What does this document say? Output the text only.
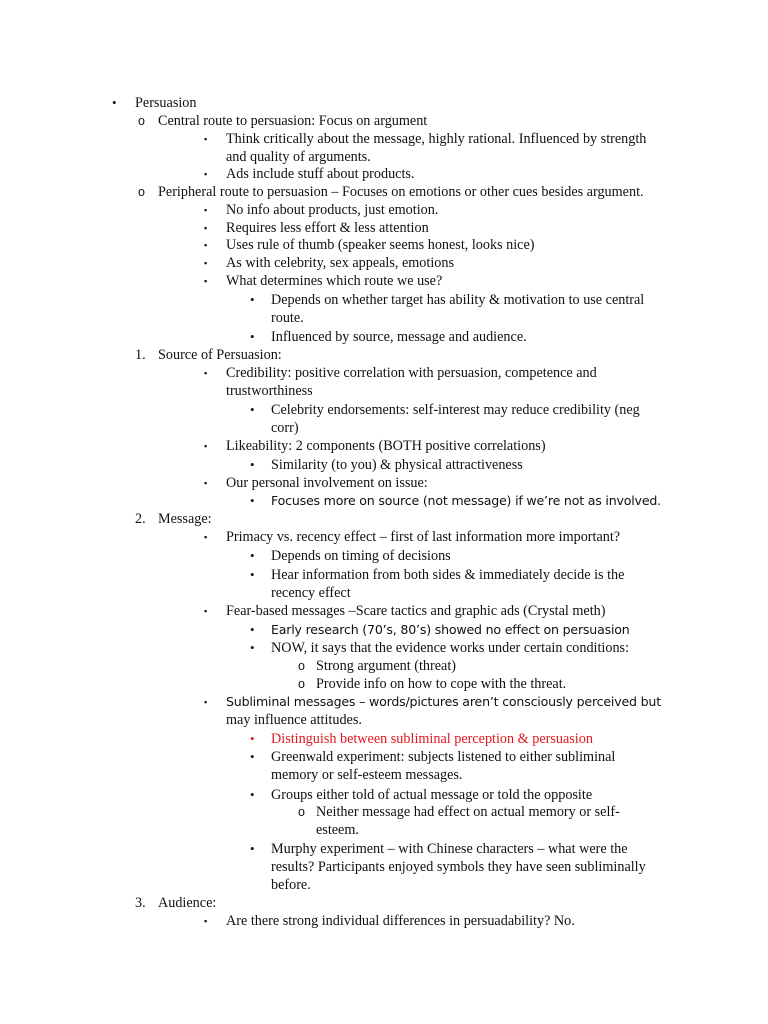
• Persuasion
o Central route to persuasion: Focus on argument
▪ Think critically about the message, highly rational. Influenced by strength
and quality of arguments.
▪ Ads include stuff about products.
o Peripheral route to persuasion – Focuses on emotions or other cues besides argument.
▪ No info about products, just emotion.
▪ Requires less effort & less attention
▪ Uses rule of thumb (speaker seems honest, looks nice)
▪ As with celebrity, sex appeals, emotions
▪ What determines which route we use?
• Depends on whether target has ability & motivation to use central
route.
• Influenced by source, message and audience.
1. Source of Persuasion:
▪ Credibility: positive correlation with persuasion, competence and
trustworthiness
• Celebrity endorsements: self-interest may reduce credibility (neg
corr)
▪ Likeability: 2 components (BOTH positive correlations)
• Similarity (to you) & physical attractiveness
▪ Our personal involvement on issue:
• Focuses more on source (not message) if we’re not as involved.
2. Message:
▪ Primacy vs. recency effect – first of last information more important?
• Depends on timing of decisions
• Hear information from both sides & immediately decide is the
recency effect
▪ Fear-based messages –Scare tactics and graphic ads (Crystal meth)
• Early research (70’s, 80’s) showed no effect on persuasion
• NOW, it says that the evidence works under certain conditions:
o Strong argument (threat)
o Provide info on how to cope with the threat.
▪ Subliminal messages – words/pictures aren’t consciously perceived but
may influence attitudes.
• Distinguish between subliminal perception & persuasion
• Greenwald experiment: subjects listened to either subliminal
memory or self-esteem messages.
• Groups either told of actual message or told the opposite
o Neither message had effect on actual memory or self-
esteem.
• Murphy experiment – with Chinese characters – what were the
results? Participants enjoyed symbols they have seen subliminally
before.
3. Audience:
▪ Are there strong individual differences in persuadability? No.
